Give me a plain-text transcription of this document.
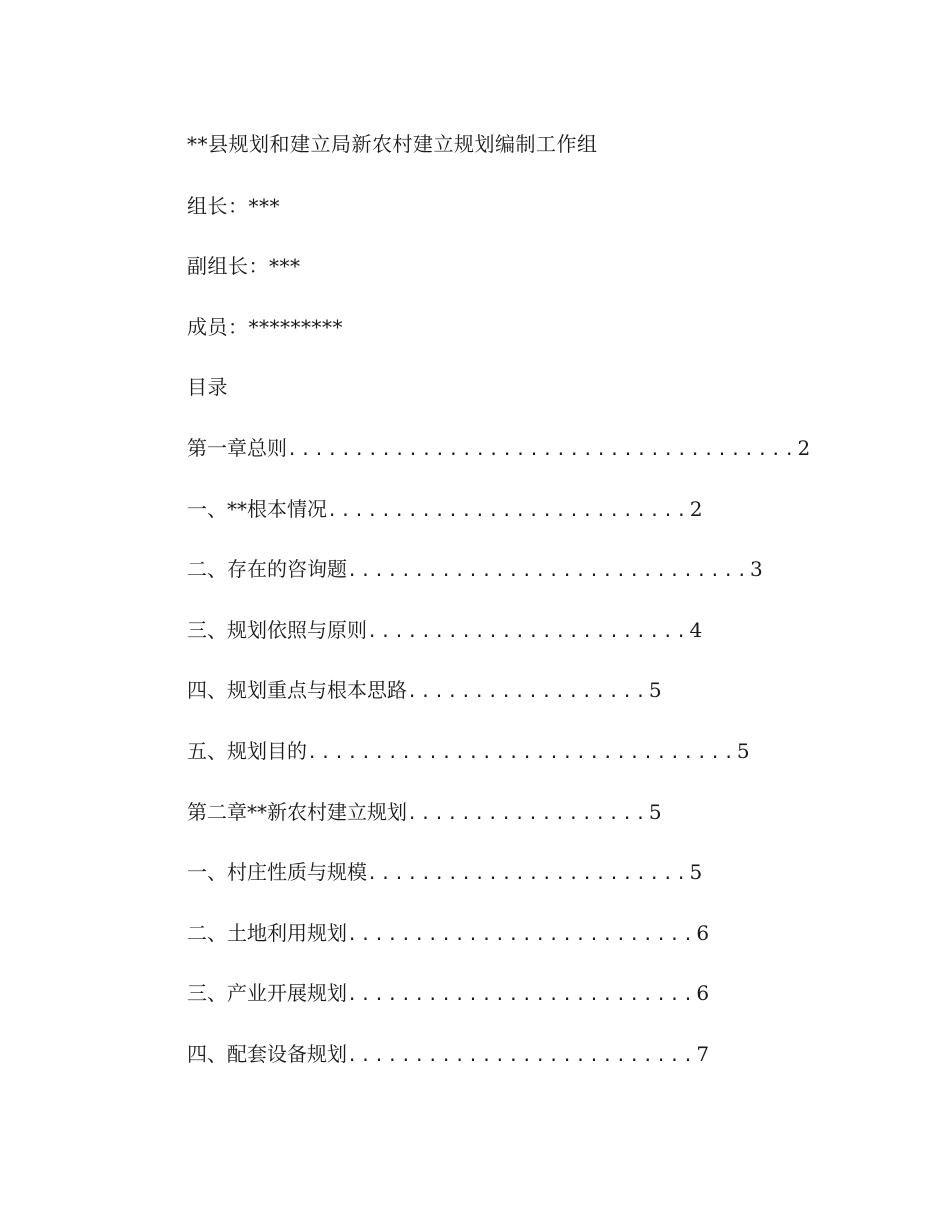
**县规划和建立局新农村建立规划编制工作组
组长：***
副组长：***
成员：*********
目录
第一章总则......................................2
一、**根本情况...........................2
二、存在的咨询题..............................3
三、规划依照与原则........................4
四、规划重点与根本思路..................5
五、规划目的................................5
第二章**新农村建立规划..................5
一、村庄性质与规模........................5
二、土地利用规划..........................6
三、产业开展规划..........................6
四、配套设备规划..........................7
